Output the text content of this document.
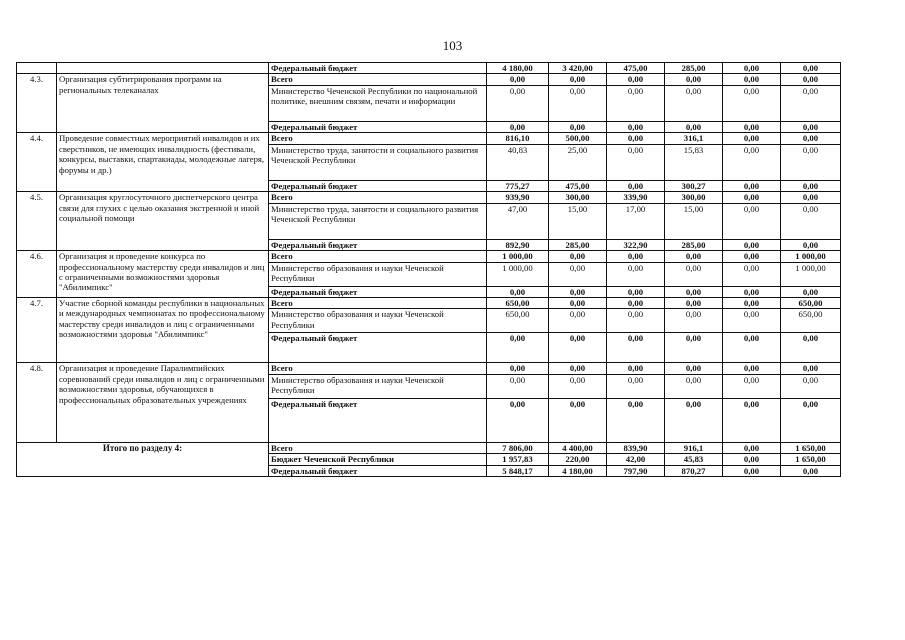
103
		Федеральный бюджет	4 180,00	3 420,00	475,00	285,00	0,00	0,00
4.3.	Организация субтитрирования программ на региональных телеканалах	Всего	0,00	0,00	0,00	0,00	0,00	0,00
		Министерство Чеченской Республики по национальной политике, внешним связям, печати и информации	0,00	0,00	0,00	0,00	0,00	0,00
		Федеральный бюджет	0,00	0,00	0,00	0,00	0,00	0,00
4.4.	Проведение совместных мероприятий инвалидов и их сверстников, не имеющих инвалидность (фестивали, конкурсы, выставки, спартакиады, молодежные лагеря, форумы и др.)	Всего	816,10	500,00	0,00	316,1	0,00	0,00
		Министерство труда, занятости и социального развития Чеченской Республики	40,83	25,00	0,00	15,83	0,00	0,00
		Федеральный бюджет	775,27	475,00	0,00	300,27	0,00	0,00
4.5.	Организация круглосуточного диспетчерского центра связи для глухих с целью оказания экстренной и иной социальной помощи	Всего	939,90	300,00	339,90	300,00	0,00	0,00
		Министерство труда, занятости и социального развития Чеченской Республики	47,00	15,00	17,00	15,00	0,00	0,00
		Федеральный бюджет	892,90	285,00	322,90	285,00	0,00	0,00
4.6.	Организация и проведение конкурса по профессиональному мастерству среди инвалидов и лиц с ограниченными возможностями здоровья "Абилимпикс"	Всего	1 000,00	0,00	0,00	0,00	0,00	1 000,00
		Министерство образования и науки Чеченской Республики	1 000,00	0,00	0,00	0,00	0,00	1 000,00
		Федеральный бюджет	0,00	0,00	0,00	0,00	0,00	0,00
4.7.	Участие сборной команды республики в национальных и международных чемпионатах по профессиональному мастерству среди инвалидов и лиц с ограниченными возможностями здоровья "Абилимпикс"	Всего	650,00	0,00	0,00	0,00	0,00	650,00
		Министерство образования и науки Чеченской Республики	650,00	0,00	0,00	0,00	0,00	650,00
		Федеральный бюджет	0,00	0,00	0,00	0,00	0,00	0,00
4.8.	Организация и проведение Паралимпийских соревнований среди инвалидов и лиц с ограниченными возможностями здоровья, обучающихся в профессиональных образовательных учреждениях	Всего	0,00	0,00	0,00	0,00	0,00	0,00
		Министерство образования и науки Чеченской Республики	0,00	0,00	0,00	0,00	0,00	0,00
		Федеральный бюджет	0,00	0,00	0,00	0,00	0,00	0,00
Итого по разделу 4:		Всего	7 806,00	4 400,00	839,90	916,1	0,00	1 650,00
		Бюджет Чеченской Республики	1 957,83	220,00	42,00	45,83	0,00	1 650,00
		Федеральный бюджет	5 848,17	4 180,00	797,90	870,27	0,00	0,00
